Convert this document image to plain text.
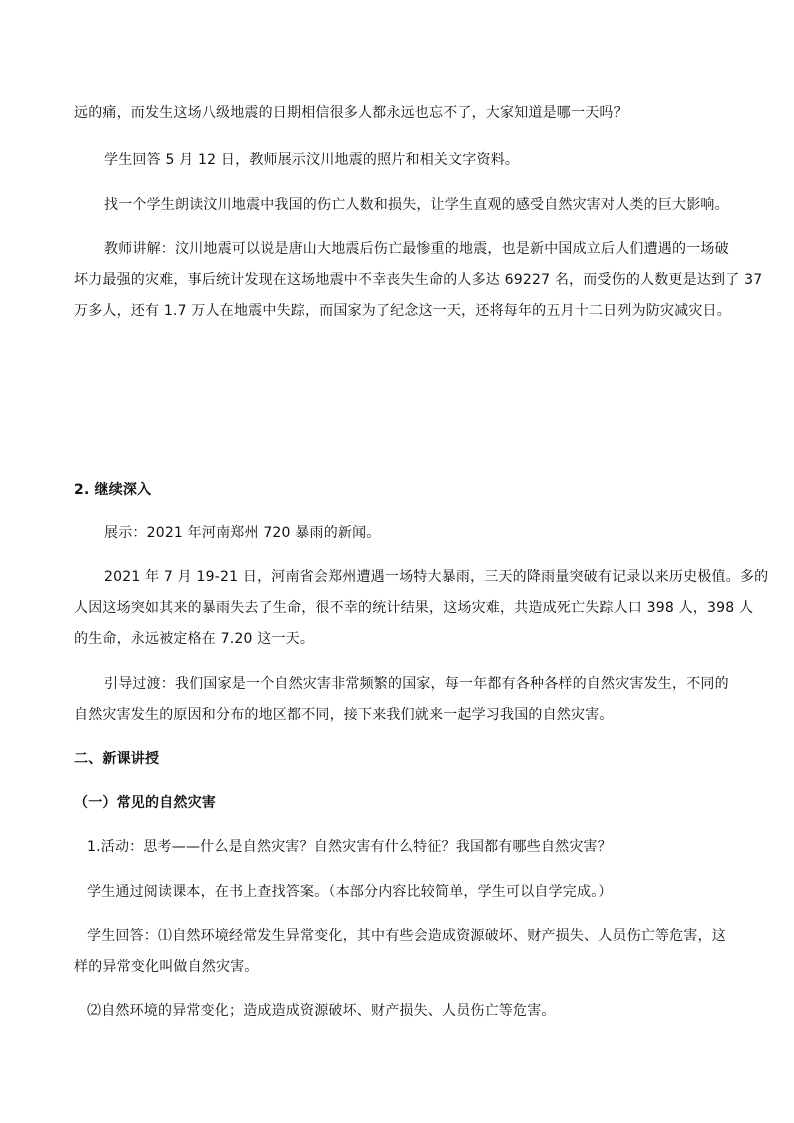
远的痛，而发生这场八级地震的日期相信很多人都永远也忘不了，大家知道是哪一天吗？
学生回答 5 月 12 日，教师展示汶川地震的照片和相关文字资料。
找一个学生朗读汶川地震中我国的伤亡人数和损失，让学生直观的感受自然灾害对人类的巨大影响。
教师讲解：汶川地震可以说是唐山大地震后伤亡最惨重的地震，也是新中国成立后人们遭遇的一场破
坏力最强的灾难，事后统计发现在这场地震中不幸丧失生命的人多达 69227 名，而受伤的人数更是达到了 37
万多人，还有 1.7 万人在地震中失踪，而国家为了纪念这一天，还将每年的五月十二日列为防灾减灾日。
2. 继续深入
展示：2021 年河南郑州 720 暴雨的新闻。
2021 年 7 月 19-21 日，河南省会郑州遭遇一场特大暴雨，三天的降雨量突破有记录以来历史极值。多的
人因这场突如其来的暴雨失去了生命，很不幸的统计结果，这场灾难，共造成死亡失踪人口 398 人，398 人
的生命，永远被定格在 7.20 这一天。
引导过渡：我们国家是一个自然灾害非常频繁的国家，每一年都有各种各样的自然灾害发生，不同的
自然灾害发生的原因和分布的地区都不同，接下来我们就来一起学习我国的自然灾害。
二、新课讲授
（一）常见的自然灾害
1.活动：思考——什么是自然灾害？自然灾害有什么特征？我国都有哪些自然灾害？
学生通过阅读课本，在书上查找答案。（本部分内容比较简单，学生可以自学完成。）
学生回答：⑴自然环境经常发生异常变化，其中有些会造成资源破坏、财产损失、人员伤亡等危害，这
样的异常变化叫做自然灾害。
⑵自然环境的异常变化；造成造成资源破坏、财产损失、人员伤亡等危害。
